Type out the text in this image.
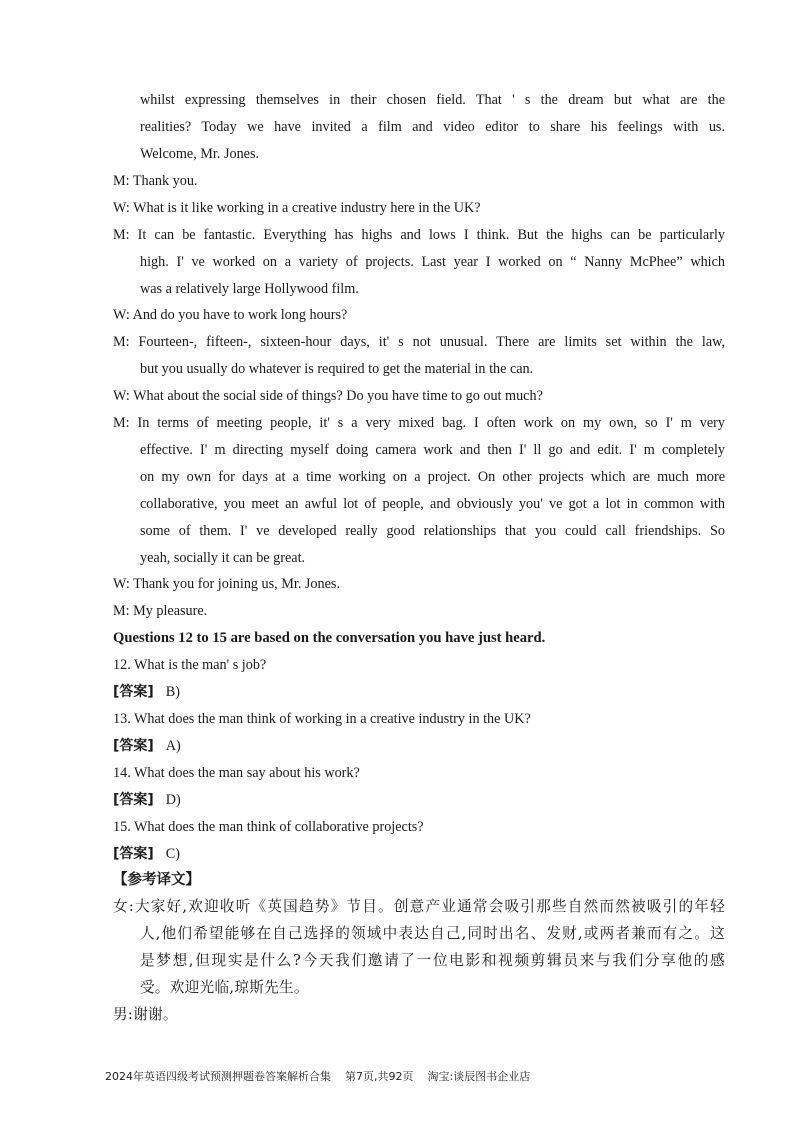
whilst expressing themselves in their chosen field. That ' s the dream but what are the
realities? Today we have invited a film and video editor to share his feelings with us.
Welcome, Mr. Jones.
M: Thank you.
W: What is it like working in a creative industry here in the UK?
M: It can be fantastic. Everything has highs and lows I think. But the highs can be particularly
high. I' ve worked on a variety of projects. Last year I worked on “ Nanny McPhee” which
was a relatively large Hollywood film.
W: And do you have to work long hours?
M: Fourteen-, fifteen-, sixteen-hour days, it' s not unusual. There are limits set within the law,
but you usually do whatever is required to get the material in the can.
W: What about the social side of things? Do you have time to go out much?
M: In terms of meeting people, it' s a very mixed bag. I often work on my own, so I' m very
effective. I' m directing myself doing camera work and then I' ll go and edit. I' m completely
on my own for days at a time working on a project. On other projects which are much more
collaborative, you meet an awful lot of people, and obviously you' ve got a lot in common with
some of them. I' ve developed really good relationships that you could call friendships. So
yeah, socially it can be great.
W: Thank you for joining us, Mr. Jones.
M: My pleasure.
Questions 12 to 15 are based on the conversation you have just heard.
12. What is the man' s job?
[答案] B)
13. What does the man think of working in a creative industry in the UK?
[答案] A)
14. What does the man say about his work?
[答案] D)
15. What does the man think of collaborative projects?
[答案] C)
【参考译文】
女:大家好,欢迎收听《英国趋势》节目。创意产业通常会吸引那些自然而然被吸引的年轻
人,他们希望能够在自己选择的领域中表达自己,同时出名、发财,或两者兼而有之。这
是梦想,但现实是什么?今天我们邀请了一位电影和视频剪辑员来与我们分享他的感
受。欢迎光临,琼斯先生。
男:谢谢。
2024年英语四级考试预测押题卷答案解析合集 第7页,共92页 淘宝:谈辰图书企业店
